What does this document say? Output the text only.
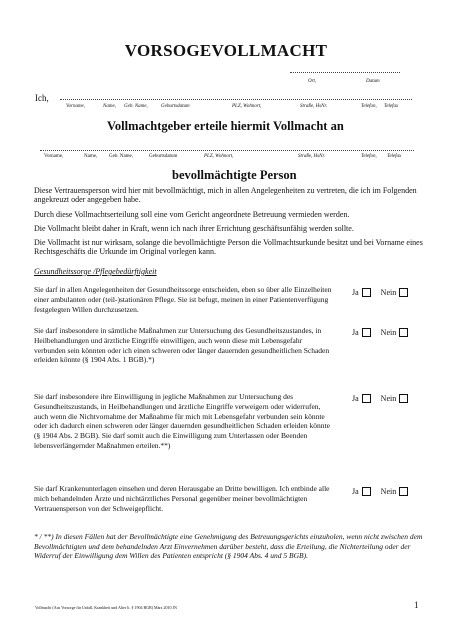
VORSOGEVOLLMACHT
Ort,	Datum
Ich,
Vorname,	Name, Geb. Name,	Geburtsdatum	PLZ, Wohnort,	Straße, HsNr.	Telefon, Telefax
Vollmachtgeber erteile hiermit Vollmacht an
Vorname,	Name, Geb. Name,	Geburtsdatum	PLZ, Wohnort,	Straße, HsNr.	Telefon, Telefax
bevollmächtigte Person
Diese Vertrauensperson wird hier mit bevollmächtigt, mich in allen Angelegenheiten zu vertreten, die ich im Folgenden angekreuzt oder angegeben habe.
Durch diese Vollmachtserteilung soll eine vom Gericht angeordnete Betreuung vermieden werden.
Die Vollmacht bleibt daher in Kraft, wenn ich nach ihrer Errichtung geschäftsunfähig werden sollte.
Die Vollmacht ist nur wirksam, solange die bevollmächtigte Person die Vollmachtsurkunde besitzt und bei Vorname eines Rechtsgeschäfts die Urkunde im Original vorlegen kann.
Gesundheitssorge /Pflegebedürftigkeit
Sie darf in allen Angelegenheiten der Gesundheitssorge entscheiden, eben so über alle Einzelheiten einer ambulanten oder (teil-)stationären Pflege. Sie ist befugt, meinen in einer Patientenverfügung festgelegten Willen durchzusetzen.
Ja	Nein
Sie darf insbesondere in sämtliche Maßnahmen zur Untersuchung des Gesundheitszustandes, in Heilbehandlungen und ärztliche Eingriffe einwilligen, auch wenn diese mit Lebensgefahr verbunden sein könnten oder ich einen schweren oder länger dauernden gesundheitlichen Schaden erleiden könnte (§ 1904 Abs. 1 BGB).*)
Ja	Nein
Sie darf insbesondere ihre Einwilligung in jegliche Maßnahmen zur Untersuchung des Gesundheitszustands, in Heilbehandlungen und ärztliche Eingriffe verweigern oder widerrufen, auch wenn die Nichtvornahme der Maßnahme für mich mit Lebensgefahr verbunden sein könnte oder ich dadurch einen schweren oder länger dauernden gesundheitlichen Schaden erleiden könnte (§ 1904 Abs. 2 BGB). Sie darf somit auch die Einwilligung zum Unterlassen oder Beenden lebensverlängernder Maßnahmen erteilen.**)
Ja	Nein
Sie darf Krankenunterlagen einsehen und deren Herausgabe an Dritte bewilligen. Ich entbinde alle mich behandelnden Ärzte und nichtärztliches Personal gegenüber meiner bevollmächtigten Vertrauensperson von der Schweigepflicht.
Ja	Nein
* / **) In diesen Fällen hat der Bevollmächtigte eine Genehmigung des Betreuungsgerichts einzuholen, wenn nicht zwischen dem Bevollmächtigten und dem behandelnden Arzt Einvernehmen darüber besteht, dass die Erteilung, die Nichterteilung oder der Widerruf der Einwilligung dem Willen des Patienten entspricht (§ 1904 Abs. 4 und 5 BGB).
Vollmacht (Aus Vorsorge für Unfall, Krankheit und Alter lt. § 1904 BGB) März 2010 JN	1
